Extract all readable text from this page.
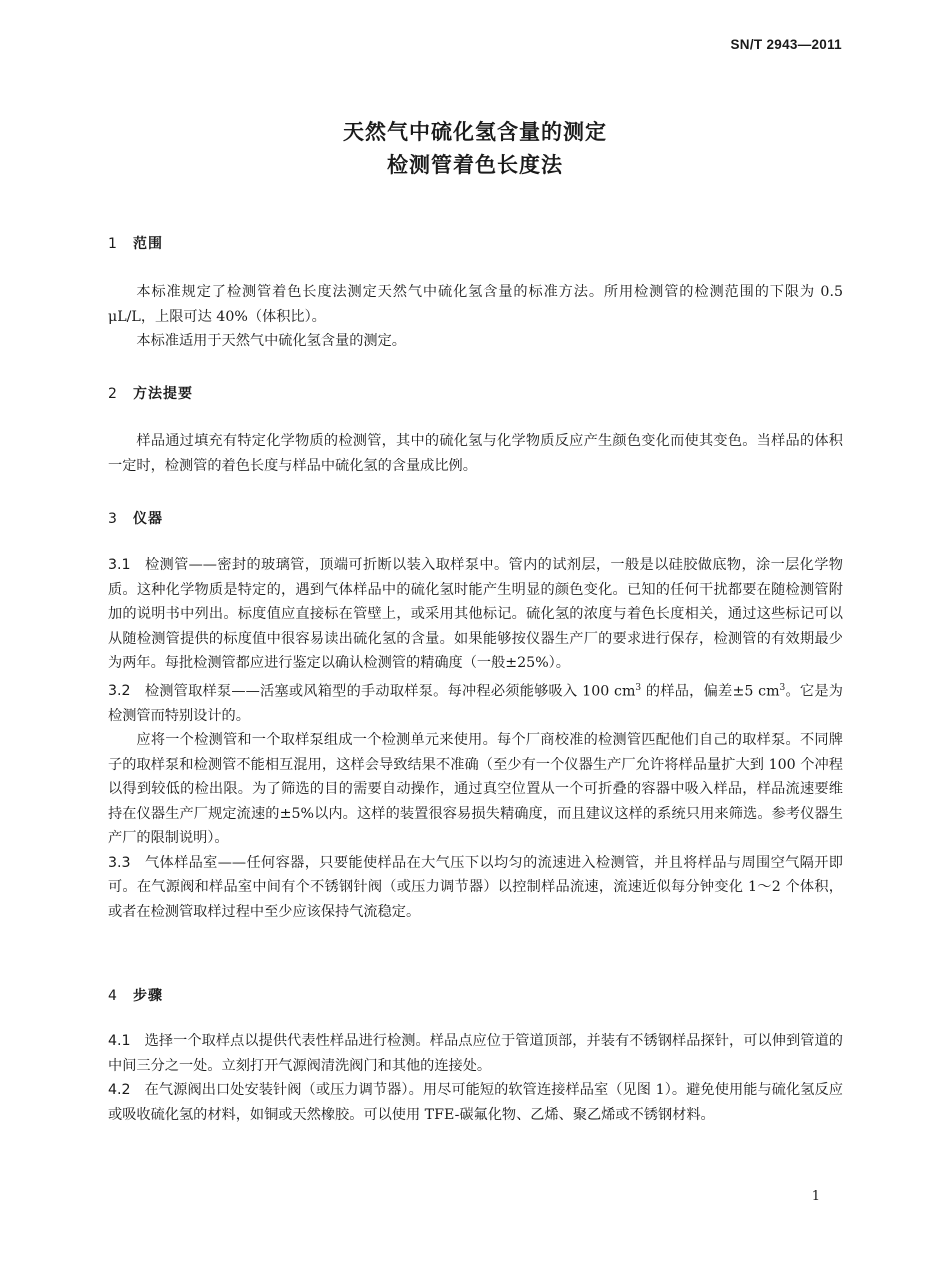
SN/T 2943—2011
天然气中硫化氢含量的测定
检测管着色长度法
1 范围

本标准规定了检测管着色长度法测定天然气中硫化氢含量的标准方法。所用检测管的检测范围的下限为 0.5 μL/L，上限可达 40%（体积比）。

本标准适用于天然气中硫化氢含量的测定。

2 方法提要

样品通过填充有特定化学物质的检测管，其中的硫化氢与化学物质反应产生颜色变化而使其变色。当样品的体积一定时，检测管的着色长度与样品中硫化氢的含量成比例。

3 仪器

3.1 检测管——密封的玻璃管，顶端可折断以装入取样泵中。管内的试剂层，一般是以硅胶做底物，涂一层化学物质。这种化学物质是特定的，遇到气体样品中的硫化氢时能产生明显的颜色变化。已知的任何干扰都要在随检测管附加的说明书中列出。标度值应直接标在管壁上，或采用其他标记。硫化氢的浓度与着色长度相关，通过这些标记可以从随检测管提供的标度值中很容易读出硫化氢的含量。如果能够按仪器生产厂的要求进行保存，检测管的有效期最少为两年。每批检测管都应进行鉴定以确认检测管的精确度（一般±25%）。

3.2 检测管取样泵——活塞或风箱型的手动取样泵。每冲程必须能够吸入 100 $cm^3$ 的样品，偏差±5 $cm^3$。它是为检测管而特别设计的。

应将一个检测管和一个取样泵组成一个检测单元来使用。每个厂商校准的检测管匹配他们自己的取样泵。不同牌子的取样泵和检测管不能相互混用，这样会导致结果不准确（至少有一个仪器生产厂允许将样品量扩大到 100 个冲程以得到较低的检出限。为了筛选的目的需要自动操作，通过真空位置从一个可折叠的容器中吸入样品，样品流速要维持在仪器生产厂规定流速的±5%以内。这样的装置很容易损失精确度，而且建议这样的系统只用来筛选。参考仪器生产厂的限制说明）。

3.3 气体样品室——任何容器，只要能使样品在大气压下以均匀的流速进入检测管，并且将样品与周围空气隔开即可。在气源阀和样品室中间有个不锈钢针阀（或压力调节器）以控制样品流速，流速近似每分钟变化 1～2 个体积，或者在检测管取样过程中至少应该保持气流稳定。

4 步骤

4.1 选择一个取样点以提供代表性样品进行检测。样品点应位于管道顶部，并装有不锈钢样品探针，可以伸到管道的中间三分之一处。立刻打开气源阀清洗阀门和其他的连接处。

4.2 在气源阀出口处安装针阀（或压力调节器）。用尽可能短的软管连接样品室（见图 1）。避免使用能与硫化氢反应或吸收硫化氢的材料，如铜或天然橡胶。可以使用 TFE-碳氟化物、乙烯、聚乙烯或不锈钢材料。

1
